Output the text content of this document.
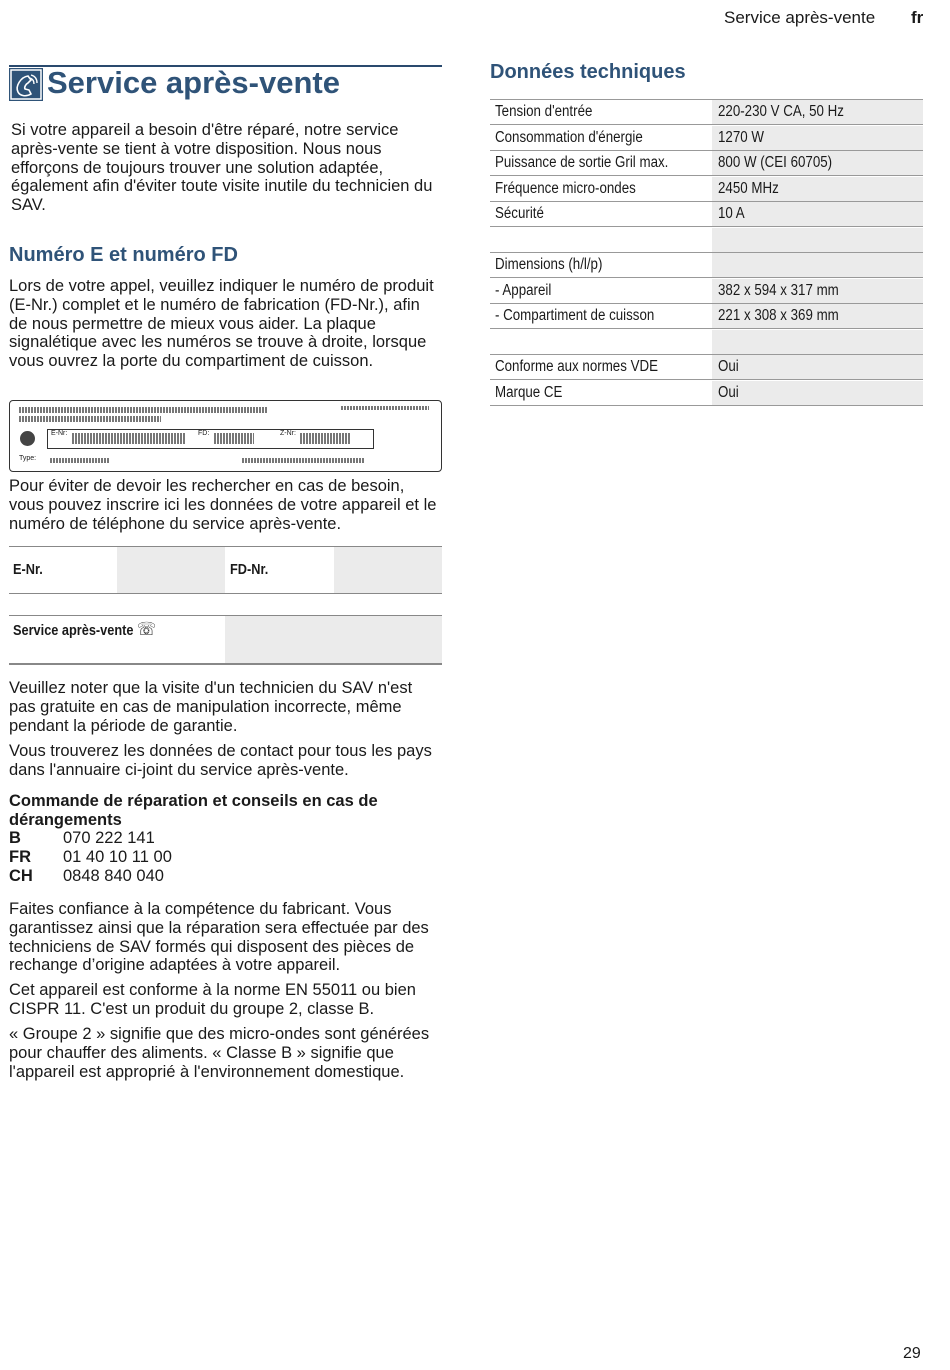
Service après-vente fr
Service après-vente

Si votre appareil a besoin d'être réparé, notre service après-vente se tient à votre disposition. Nous nous efforçons de toujours trouver une solution adaptée, également afin d'éviter toute visite inutile du technicien du SAV.

Numéro E et numéro FD

Lors de votre appel, veuillez indiquer le numéro de produit (E-Nr.) complet et le numéro de fabrication (FD-Nr.), afin de nous permettre de mieux vous aider. La plaque signalétique avec les numéros se trouve à droite, lorsque vous ouvrez la porte du compartiment de cuisson.

E-Nr:	FD:	Z-Nr:
Type:

Pour éviter de devoir les rechercher en cas de besoin, vous pouvez inscrire ici les données de votre appareil et le numéro de téléphone du service après-vente.

E-Nr.	FD-Nr.
Service après-vente ☏

Veuillez noter que la visite d'un technicien du SAV n'est pas gratuite en cas de manipulation incorrecte, même pendant la période de garantie.

Vous trouverez les données de contact pour tous les pays dans l'annuaire ci-joint du service après-vente.

Commande de réparation et conseils en cas de dérangements
B	070 222 141
FR 01 40 10 11 00
CH 0848 840 040

Faites confiance à la compétence du fabricant. Vous garantissez ainsi que la réparation sera effectuée par des techniciens de SAV formés qui disposent des pièces de rechange d’origine adaptées à votre appareil.

Cet appareil est conforme à la norme EN 55011 ou bien CISPR 11. C'est un produit du groupe 2, classe B.

« Groupe 2 » signifie que des micro-ondes sont générées pour chauffer des aliments. « Classe B » signifie que l'appareil est approprié à l'environnement domestique.

Données techniques
Tension d'entrée	220-230 V CA, 50 Hz
Consommation d'énergie	1270 W
Puissance de sortie Gril max.	800 W (CEI 60705)
Fréquence micro-ondes	2450 MHz
Sécurité	10 A
Dimensions (h/l/p)
- Appareil	382 x 594 x 317 mm
- Compartiment de cuisson	221 x 308 x 369 mm
Conforme aux normes VDE	Oui
Marque CE	Oui
29
